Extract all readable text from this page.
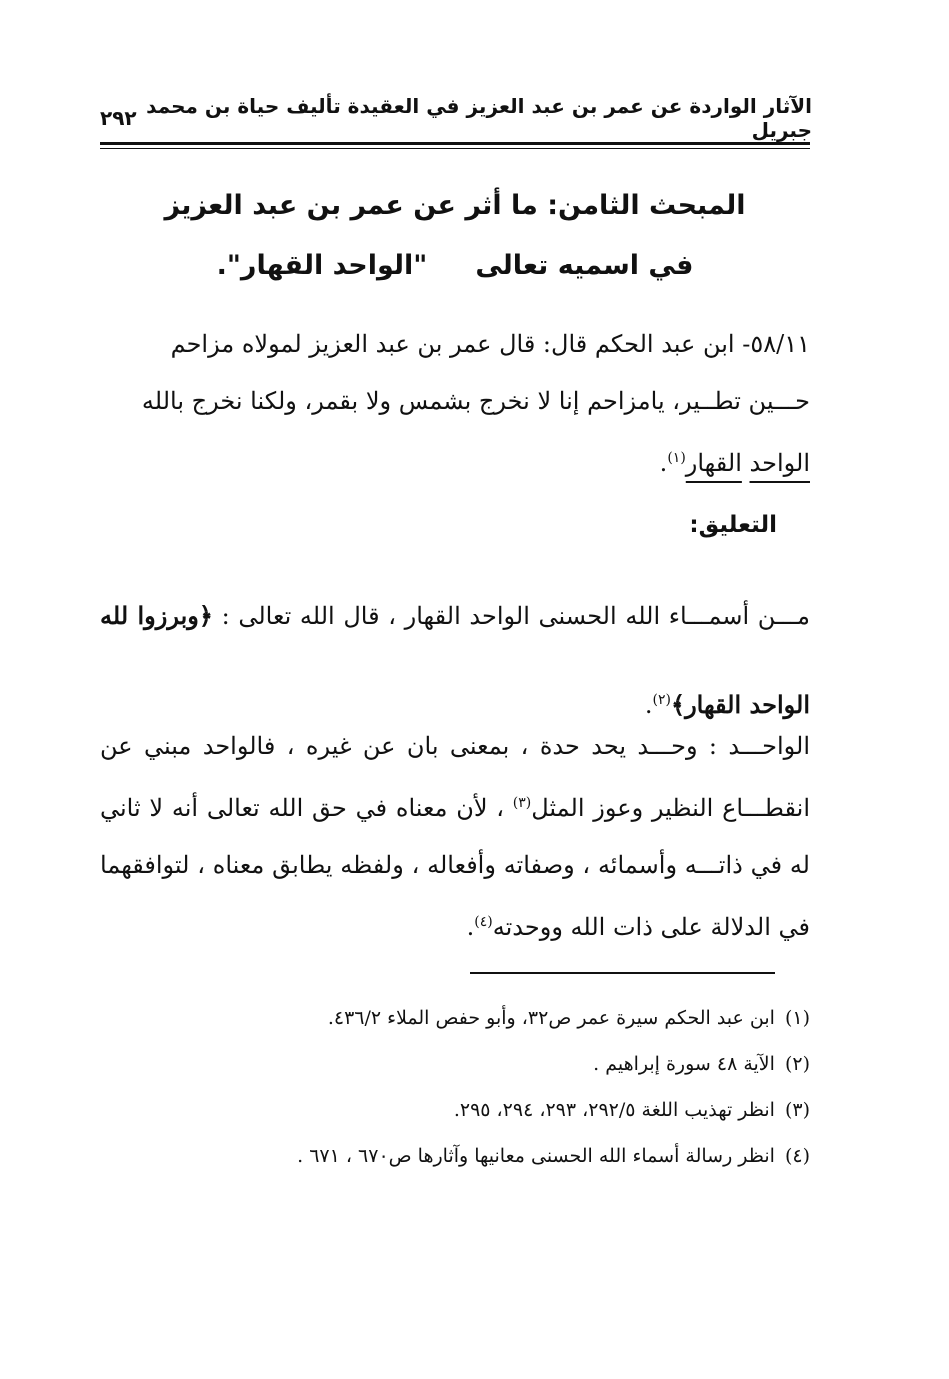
الآثار الواردة عن عمر بن عبد العزيز في العقيدة تأليف حياة بن محمد جبريل
٢٩٢
المبحث الثامن: ما أثر عن عمر بن عبد العزيز
في اسميه تعالى"الواحد القهار".
٥٨/١١- ابن عبد الحكم قال: قال عمر بن عبد العزيز لمولاه مزاحم
حـــين تطــير، يامزاحم إنا لا نخرج بشمس ولا بقمر، ولكنا نخرج بالله
الواحد القهار$^{(١)}$.
التعليق:
مـــن أسمـــاء الله الحسنى الواحد القهار ، قال الله تعالى : ﴿وبرزوا لله الواحد القهار﴾$^{(٢)}$.
الواحـــد : وحـــد يحد حدة ، بمعنى بان عن غيره ، فالواحد مبني عن انقطـــاع النظير وعوز المثل$^{(٣)}$ ، لأن معناه في حق الله تعالى أنه لا ثاني له في ذاتـــه وأسمائه ، وصفاته وأفعاله ، ولفظه يطابق معناه ، لتوافقهما في الدلالة على ذات الله ووحدته$^{(٤)}$.
(١)
ابن عبد الحكم سيرة عمر ص٣٢، وأبو حفص الملاء ٤٣٦/٢.
(٢)
الآية ٤٨ سورة إبراهيم .
(٣)
انظر تهذيب اللغة ٢٩٢/٥، ٢٩٣، ٢٩٤، ٢٩٥.
(٤)
انظر رسالة أسماء الله الحسنى معانيها وآثارها ص٦٧٠ ، ٦٧١ .
